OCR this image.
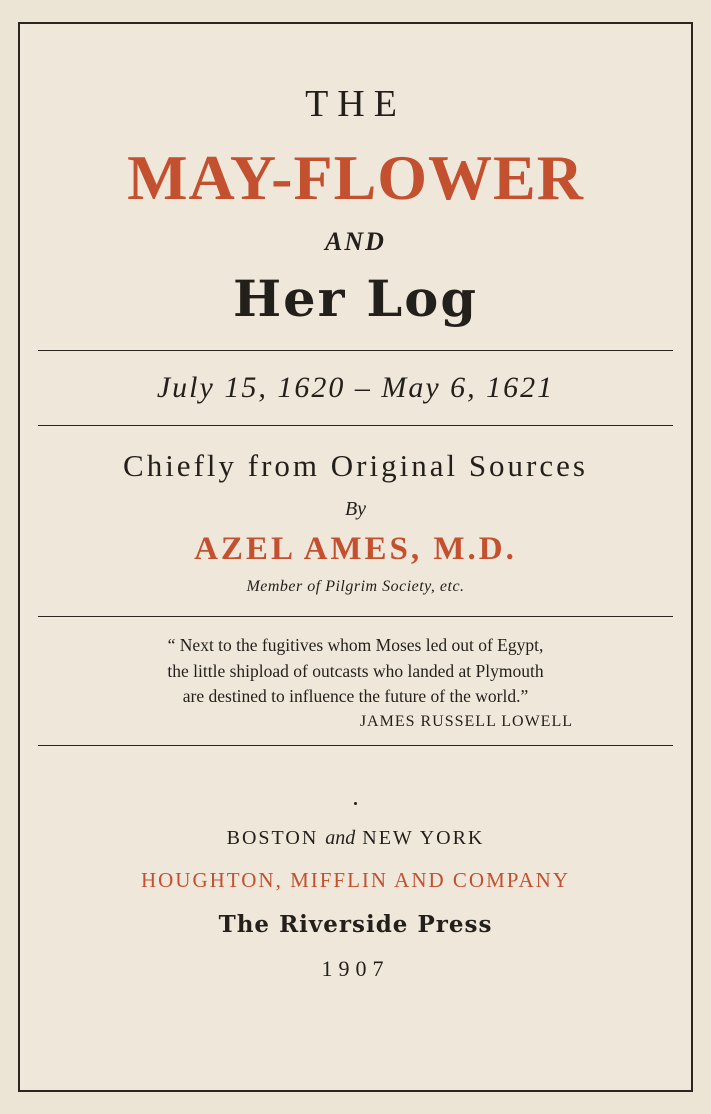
THE
MAY-FLOWER
AND
Her Log
July 15, 1620 – May 6, 1621
Chiefly from Original Sources
By
AZEL AMES, M.D.
Member of Pilgrim Society, etc.
“ Next to the fugitives whom Moses led out of Egypt,
the little shipload of outcasts who landed at Plymouth
are destined to influence the future of the world.”
JAMES RUSSELL LOWELL
BOSTON and NEW YORK
HOUGHTON, MIFFLIN AND COMPANY
The Riverside Press
1907
